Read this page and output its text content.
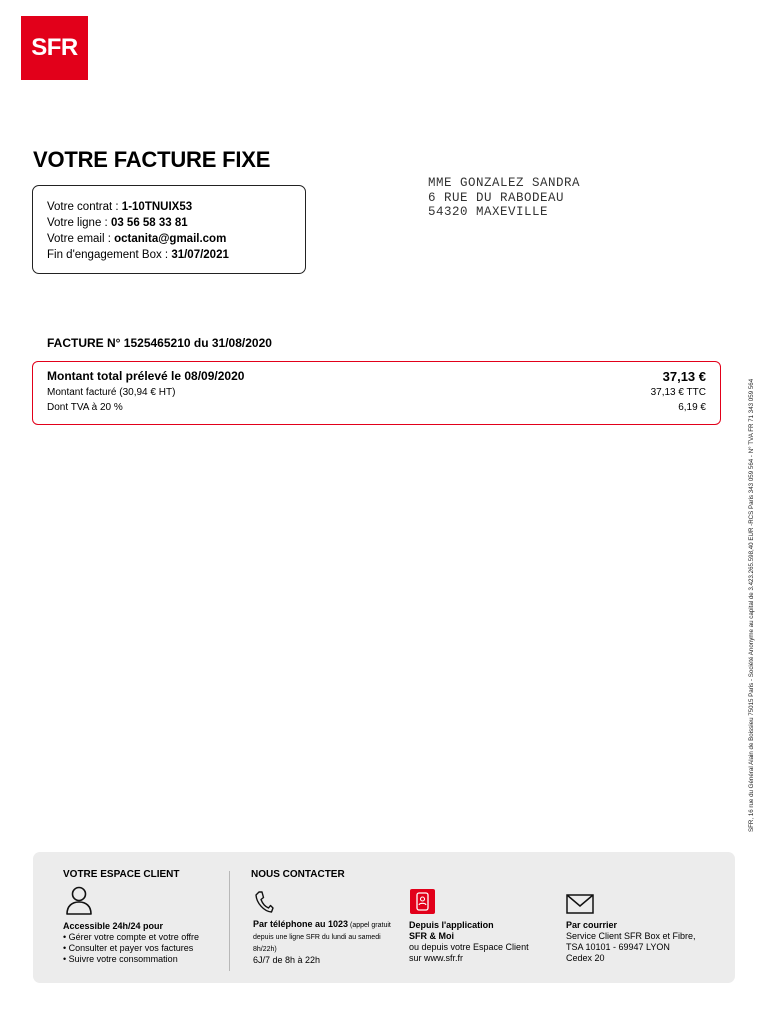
SFR
VOTRE FACTURE FIXE
Votre contrat : 1-10TNUIX53
Votre ligne : 03 56 58 33 81
Votre email : octanita@gmail.com
Fin d'engagement Box : 31/07/2021
MME GONZALEZ SANDRA
6 RUE DU RABODEAU
54320 MAXEVILLE
FACTURE N° 1525465210 du 31/08/2020
Montant total prélevé le 08/09/2020	37,13 €
Montant facturé (30,94 € HT)	37,13 € TTC
Dont TVA à 20 %	6,19 €	SFR, 16 rue du Général Alain de Boissieu 75015 Paris - Société Anonyme au capital de 3.423.265.598,40 EUR -RCS Paris 343 059 564 - N° TVA FR 71 343 059 564
VOTRE ESPACE CLIENT	NOUS CONTACTER
Accessible 24h/24 pour
• Gérer votre compte et votre offre
• Consulter et payer vos factures
• Suivre votre consommation
Par téléphone au 1023 (appel gratuit depuis une ligne SFR du lundi au samedi 8h/22h)
6J/7 de 8h à 22h
Depuis l'application
SFR & Moi
ou depuis votre Espace Client
sur www.sfr.fr
Par courrier
Service Client SFR Box et Fibre,
TSA 10101 - 69947 LYON
Cedex 20
